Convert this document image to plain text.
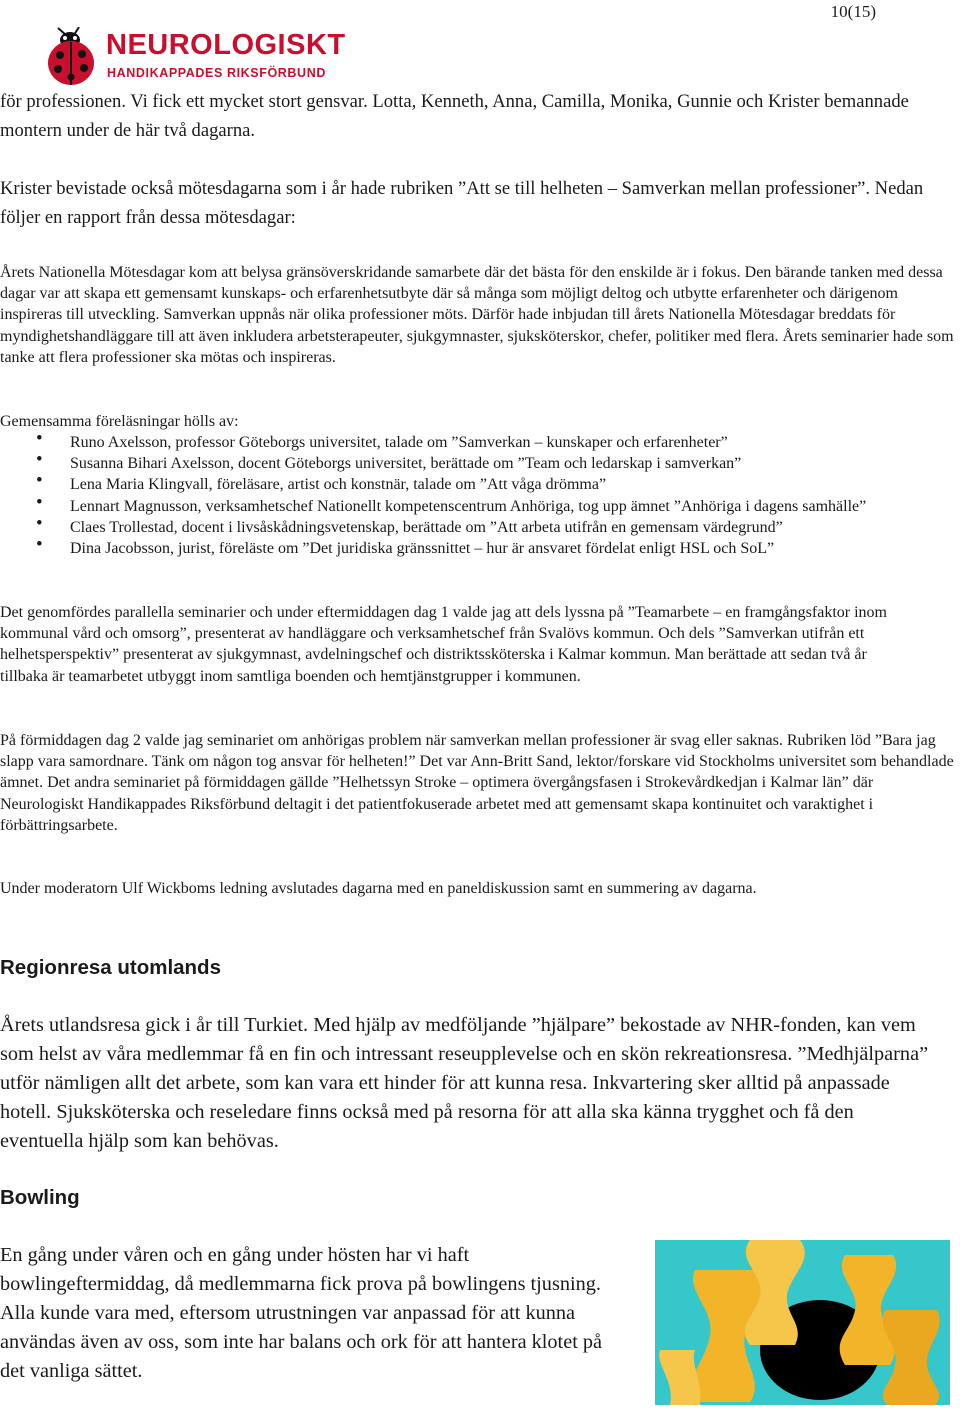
10(15)
NEUROLOGISKT
HANDIKAPPADES RIKSFÖRBUND

för professionen. Vi fick ett mycket stort gensvar. Lotta, Kenneth, Anna, Camilla, Monika, Gunnie och Krister bemannade montern under de här två dagarna.

Krister bevistade också mötesdagarna som i år hade rubriken ”Att se till helheten – Samverkan mellan professioner”. Nedan följer en rapport från dessa mötesdagar:

Årets Nationella Mötesdagar kom att belysa gränsöverskridande samarbete där det bästa för den enskilde är i fokus. Den bärande tanken med dessa dagar var att skapa ett gemensamt kunskaps- och erfarenhetsutbyte där så många som möjligt deltog och utbytte erfarenheter och därigenom inspireras till utveckling. Samverkan uppnås när olika professioner möts. Därför hade inbjudan till årets Nationella Mötesdagar breddats för myndighetshandläggare till att även inkludera arbetsterapeuter, sjukgymnaster, sjuksköterskor, chefer, politiker med flera. Årets seminarier hade som tanke att flera professioner ska mötas och inspireras.

Gemensamma föreläsningar hölls av:

• Runo Axelsson, professor Göteborgs universitet, talade om ”Samverkan – kunskaper och erfarenheter”
• Susanna Bihari Axelsson, docent Göteborgs universitet, berättade om ”Team och ledarskap i samverkan”
• Lena Maria Klingvall, föreläsare, artist och konstnär, talade om ”Att våga drömma”
• Lennart Magnusson, verksamhetschef Nationellt kompetenscentrum Anhöriga, tog upp ämnet ”Anhöriga i dagens samhälle”
• Claes Trollestad, docent i livsåskådningsvetenskap, berättade om ”Att arbeta utifrån en gemensam värdegrund”
• Dina Jacobsson, jurist, föreläste om ”Det juridiska gränssnittet – hur är ansvaret fördelat enligt HSL och SoL”

Det genomfördes parallella seminarier och under eftermiddagen dag 1 valde jag att dels lyssna på ”Teamarbete – en framgångsfaktor inom kommunal vård och omsorg”, presenterat av handläggare och verksamhetschef från Svalövs kommun. Och dels ”Samverkan utifrån ett helhetsperspektiv” presenterat av sjukgymnast, avdelningschef och distriktssköterska i Kalmar kommun. Man berättade att sedan två år tillbaka är teamarbetet utbyggt inom samtliga boenden och hemtjänstgrupper i kommunen.

På förmiddagen dag 2 valde jag seminariet om anhörigas problem när samverkan mellan professioner är svag eller saknas. Rubriken löd ”Bara jag slapp vara samordnare. Tänk om någon tog ansvar för helheten!” Det var Ann-Britt Sand, lektor/forskare vid Stockholms universitet som behandlade ämnet. Det andra seminariet på förmiddagen gällde ”Helhetssyn Stroke – optimera övergångsfasen i Strokevårdkedjan i Kalmar län” där Neurologiskt Handikappades Riksförbund deltagit i det patientfokuserade arbetet med att gemensamt skapa kontinuitet och varaktighet i förbättringsarbete.

Under moderatorn Ulf Wickboms ledning avslutades dagarna med en paneldiskussion samt en summering av dagarna.

Regionresa utomlands

Årets utlandsresa gick i år till Turkiet. Med hjälp av medföljande ”hjälpare” bekostade av NHR-fonden, kan vem som helst av våra medlemmar få en fin och intressant reseupplevelse och en skön rekreationsresa. ”Medhjälparna” utför nämligen allt det arbete, som kan vara ett hinder för att kunna resa. Inkvartering sker alltid på anpassade hotell. Sjuksköterska och reseledare finns också med på resorna för att alla ska känna trygghet och få den eventuella hjälp som kan behövas.

Bowling

En gång under våren och en gång under hösten har vi haft bowlingeftermiddag, då medlemmarna fick prova på bowlingens tjusning. Alla kunde vara med, eftersom utrustningen var anpassad för att kunna användas även av oss, som inte har balans och ork för att hantera klotet på det vanliga sättet.
